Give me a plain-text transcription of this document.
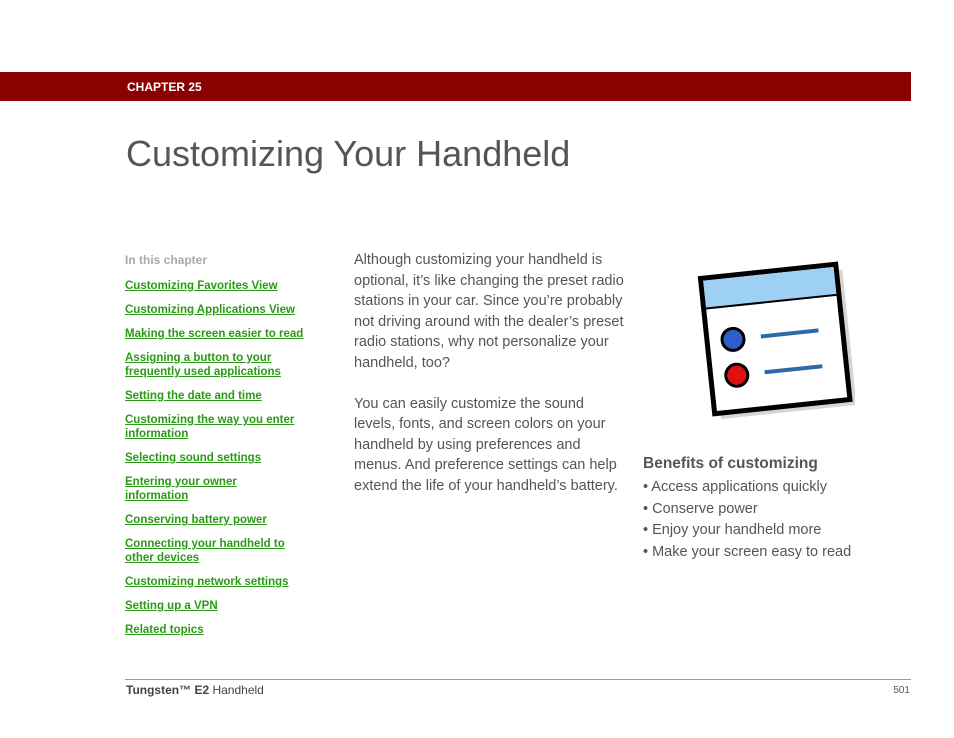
CHAPTER 25
Customizing Your Handheld
In this chapter
Customizing Favorites View
Customizing Applications View
Making the screen easier to read
Assigning a button to your frequently used applications
Setting the date and time
Customizing the way you enter information
Selecting sound settings
Entering your owner information
Conserving battery power
Connecting your handheld to other devices
Customizing network settings
Setting up a VPN
Related topics

Although customizing your handheld is optional, it’s like changing the preset radio stations in your car. Since you’re probably not driving around with the dealer’s preset radio stations, why not personalize your handheld, too?

You can easily customize the sound levels, fonts, and screen colors on your handheld by using preferences and menus. And preference settings can help extend the life of your handheld’s battery.

Benefits of customizing
• Access applications quickly
• Conserve power
• Enjoy your handheld more
• Make your screen easy to read
Tungsten™ E2 Handheld	501
